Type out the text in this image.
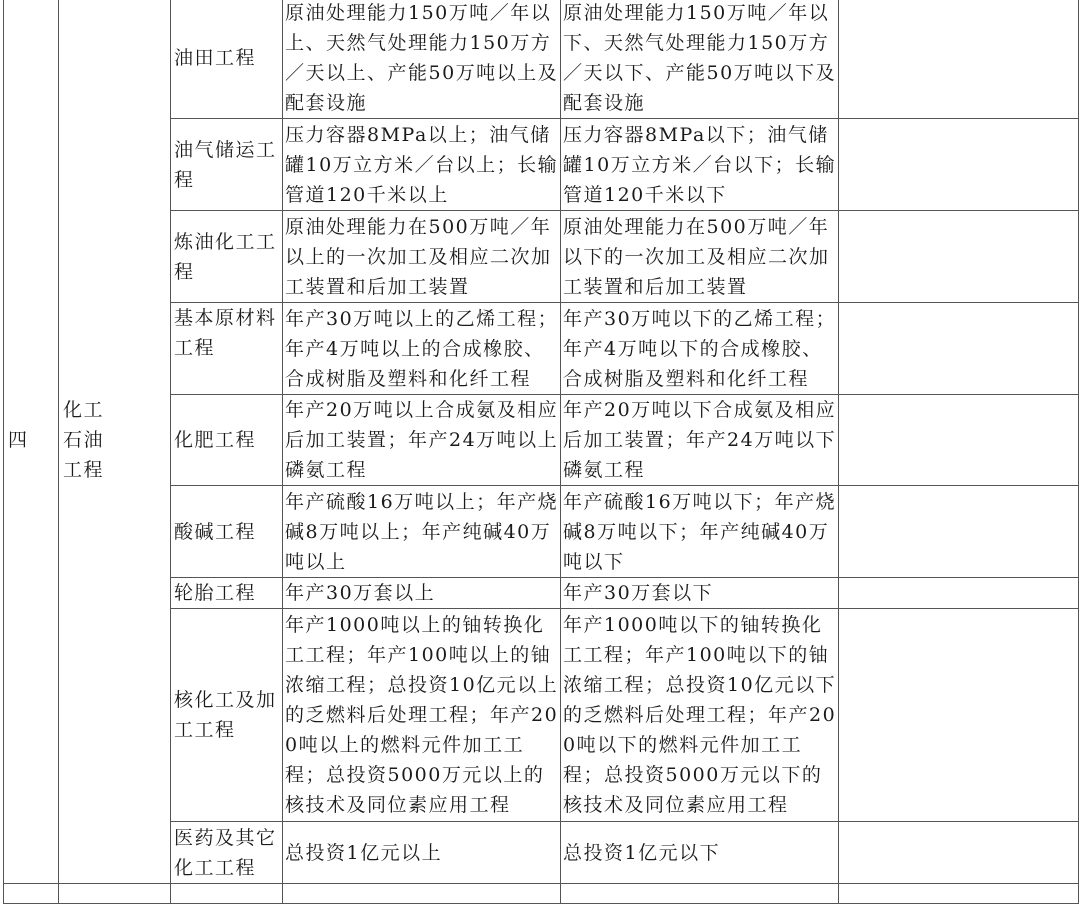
四	化工
石油
工程	油田工程	原油处理能力150万吨／年以上、天然气处理能力150万方／天以上、产能50万吨以上及配套设施	原油处理能力150万吨／年以下、天然气处理能力150万方／天以下、产能50万吨以下及配套设施	
		油气储运工程	压力容器8MPa以上；油气储罐10万立方米／台以上；长输管道120千米以上	压力容器8MPa以下；油气储罐10万立方米／台以下；长输管道120千米以下	
		炼油化工工程	原油处理能力在500万吨／年以上的一次加工及相应二次加工装置和后加工装置	原油处理能力在500万吨／年以下的一次加工及相应二次加工装置和后加工装置	
		基本原材料工程	年产30万吨以上的乙烯工程；年产4万吨以上的合成橡胶、合成树脂及塑料和化纤工程	年产30万吨以下的乙烯工程；年产4万吨以下的合成橡胶、合成树脂及塑料和化纤工程	
		化肥工程	年产20万吨以上合成氨及相应后加工装置；年产24万吨以上磷氨工程	年产20万吨以下合成氨及相应后加工装置；年产24万吨以下磷氨工程	
		酸碱工程	年产硫酸16万吨以上；年产烧碱8万吨以上；年产纯碱40万吨以上	年产硫酸16万吨以下；年产烧碱8万吨以下；年产纯碱40万吨以下	
		轮胎工程	年产30万套以上	年产30万套以下	
		核化工及加工工程	年产1000吨以上的铀转换化工工程；年产100吨以上的铀浓缩工程；总投资10亿元以上的乏燃料后处理工程；年产200吨以上的燃料元件加工工程；总投资5000万元以上的核技术及同位素应用工程	年产1000吨以下的铀转换化工工程；年产100吨以下的铀浓缩工程；总投资10亿元以下的乏燃料后处理工程；年产200吨以下的燃料元件加工工程；总投资5000万元以下的核技术及同位素应用工程	
		医药及其它化工工程	总投资1亿元以上	总投资1亿元以下	
